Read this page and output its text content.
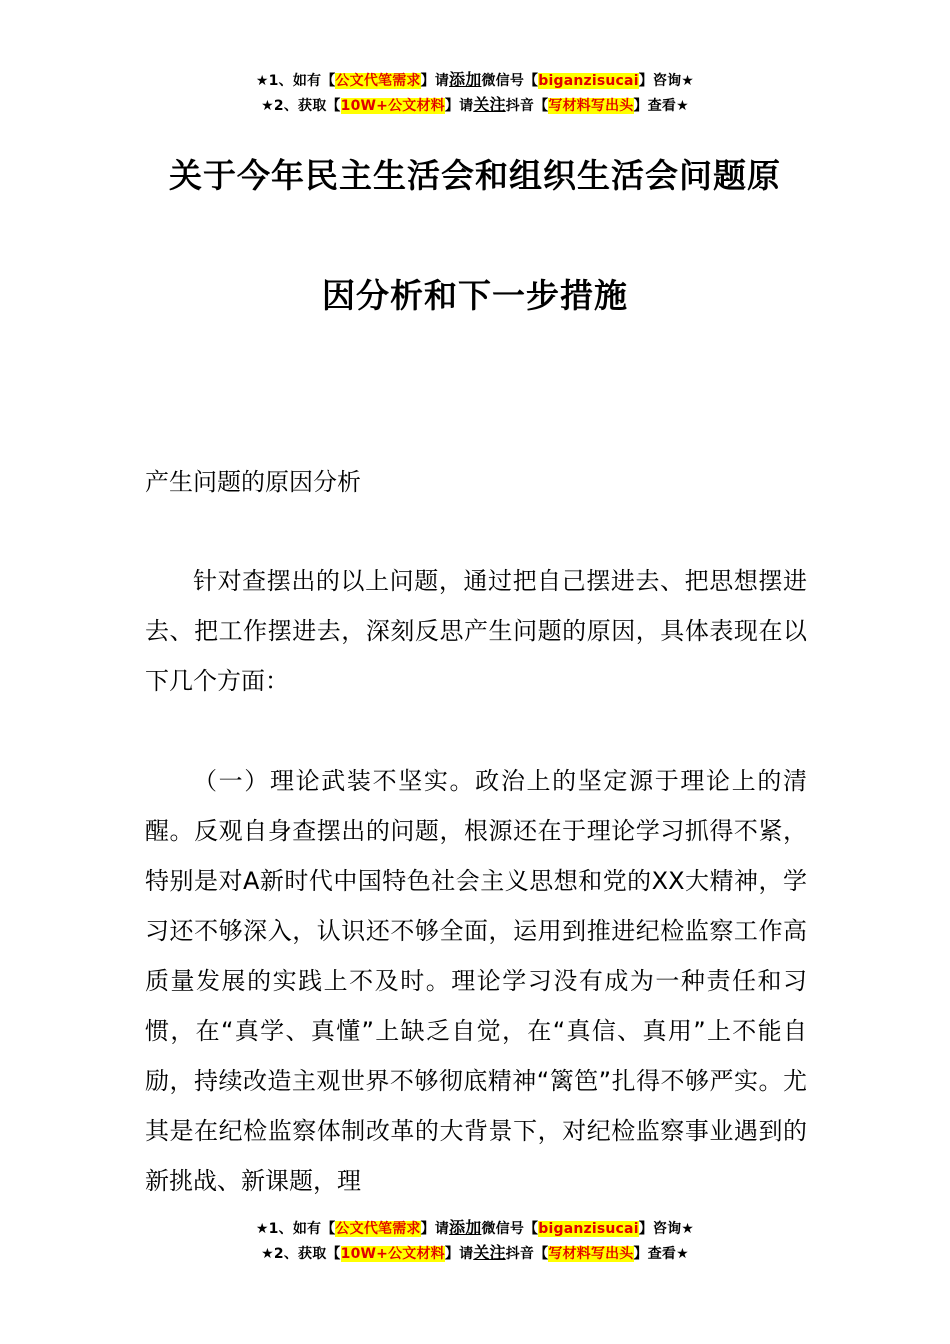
★1、如有【公文代笔需求】请添加微信号【biganzisucai】咨询★
★2、获取【10W+公文材料】请关注抖音【写材料写出头】查看★
关于今年民主生活会和组织生活会问题原
因分析和下一步措施
产生问题的原因分析

针对查摆出的以上问题，通过把自己摆进去、把思想摆进去、把工作摆进去，深刻反思产生问题的原因，具体表现在以下几个方面：

（一）理论武装不坚实。政治上的坚定源于理论上的清醒。反观自身查摆出的问题，根源还在于理论学习抓得不紧，特别是对A新时代中国特色社会主义思想和党的XX大精神，学习还不够深入，认识还不够全面，运用到推进纪检监察工作高质量发展的实践上不及时。理论学习没有成为一种责任和习惯，在“真学、真懂”上缺乏自觉，在“真信、真用”上不能自励，持续改造主观世界不够彻底精神“篱笆”扎得不够严实。尤其是在纪检监察体制改革的大背景下，对纪检监察事业遇到的新挑战、新课题，理

★1、如有【公文代笔需求】请添加微信号【biganzisucai】咨询★
★2、获取【10W+公文材料】请关注抖音【写材料写出头】查看★
